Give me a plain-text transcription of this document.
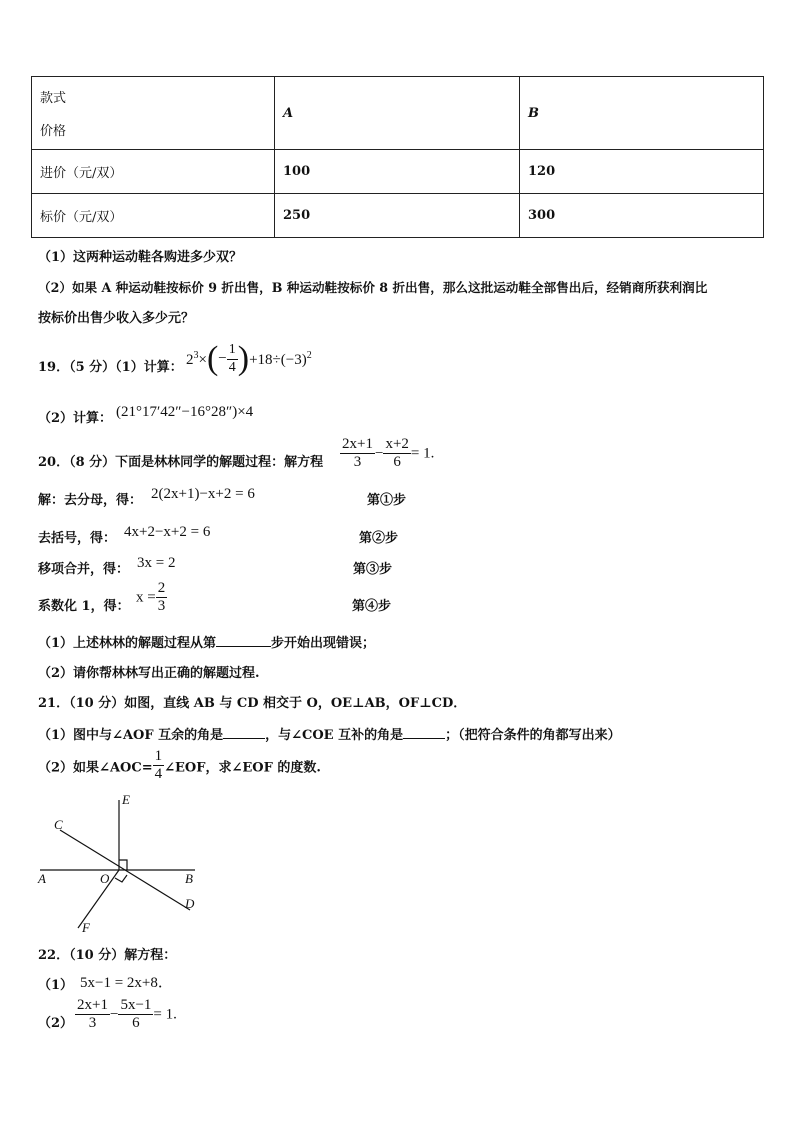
款式
价格	A	B
进价（元/双）	100	120
标价（元/双）	250	300
（1）这两种运动鞋各购进多少双？
（2）如果 A 种运动鞋按标价 9 折出售，B 种运动鞋按标价 8 折出售，那么这批运动鞋全部售出后，经销商所获利润比
按标价出售少收入多少元？
19．（5 分）（1）计算： $2^3\times(- \frac{1}{4} )+18\div(-3)^2$
（2）计算： (21°17′42″−16°28″)×4
20．（8 分）下面是林林同学的解题过程：解方程 $\frac{2x+1}{3} - \frac{x+2}{6} = 1$.
解：去分母，得： 2(2x+1)−x+2 = 6	第①步
去括号，得： 4x+2−x+2 = 6	第②步
移项合并，得： 3x = 2	第③步
系数化 1，得：
$x = \frac{2}{3}$	第④步
（1）上述林林的解题过程从第	步开始出现错误；
（2）请你帮林林写出正确的解题过程.
21．（10 分）如图，直线 AB 与 CD 相交于 O，OE⊥AB，OF⊥CD．
（1）图中与∠AOF 互余的角是	，与∠COE 互补的角是	；（把符合条件的角都写出来）
（2）如果∠AOC= $\frac{1}{4}$ ∠EOF，求∠EOF 的度数.
E
C
A	O	B
D
F
22．（10 分）解方程：
（1） 5x−1 = 2x+8．
$(2) \frac{2x+1}{3} - \frac{5x-1}{6} = 1$.
